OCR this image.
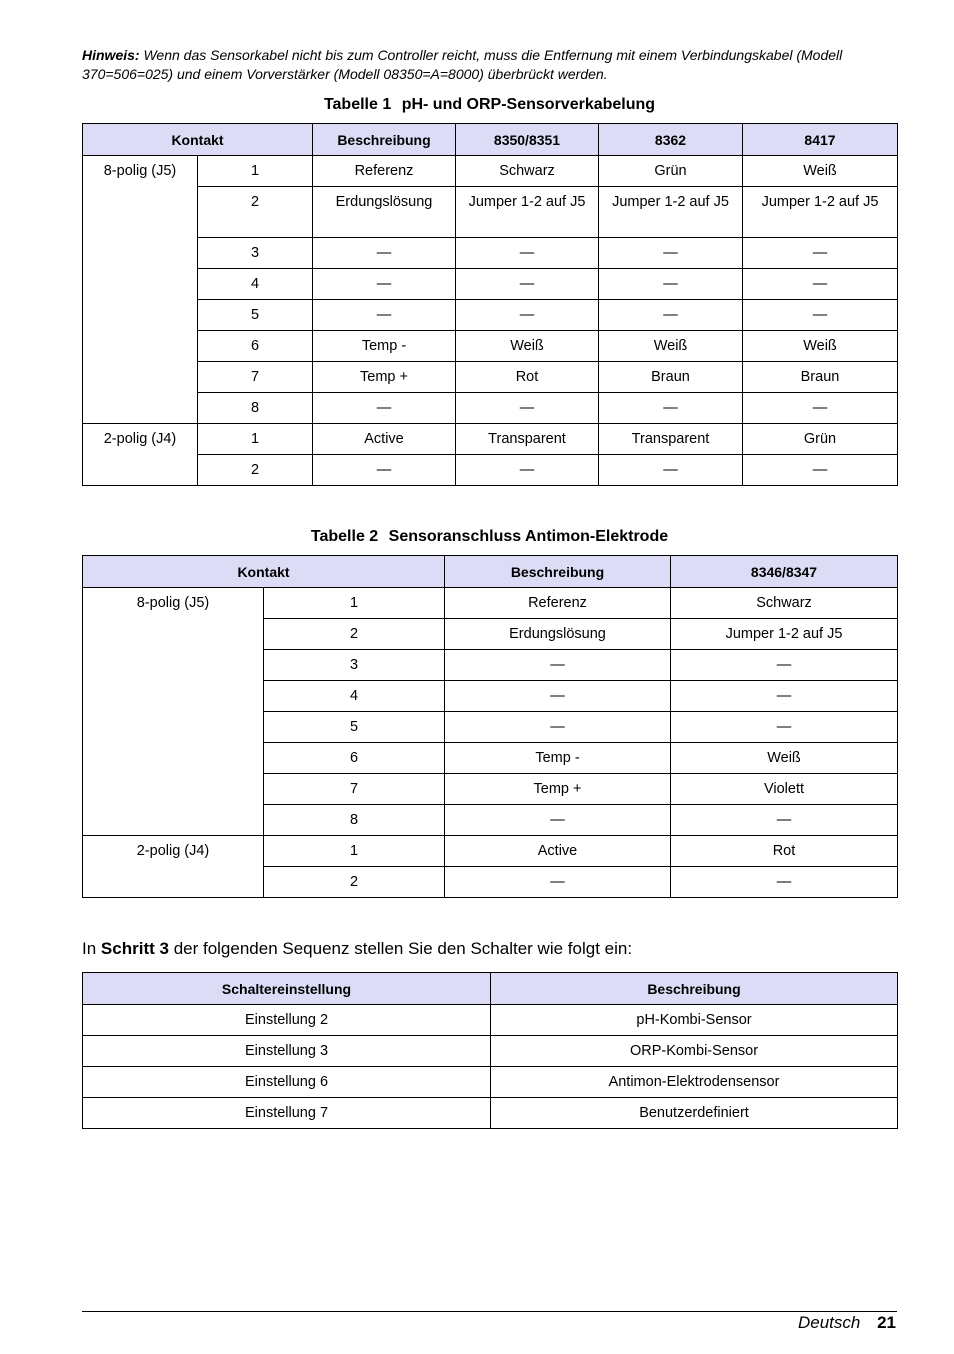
Hinweis: Wenn das Sensorkabel nicht bis zum Controller reicht, muss die Entfernung mit einem Verbindungskabel (Modell 370=506=025) und einem Vorverstärker (Modell 08350=A=8000) überbrückt werden.
Tabelle 1 pH- und ORP-Sensorverkabelung
Kontakt		Beschreibung	8350/8351	8362	8417
8-polig (J5)	1	Referenz	Schwarz	Grün	Weiß
	2	Erdungslösung	Jumper 1-2 auf J5	Jumper 1-2 auf J5	Jumper 1-2 auf J5
	3	—	—	—	—
	4	—	—	—	—
	5	—	—	—	—
	6	Temp -	Weiß	Weiß	Weiß
	7	Temp +	Rot	Braun	Braun
	8	—	—	—	—
2-polig (J4)	1	Active	Transparent	Transparent	Grün
	2	—	—	—	—
Tabelle 2 Sensoranschluss Antimon-Elektrode
Kontakt		Beschreibung	8346/8347
8-polig (J5)	1	Referenz	Schwarz
	2	Erdungslösung	Jumper 1-2 auf J5
	3	—	—
	4	—	—
	5	—	—
	6	Temp -	Weiß
	7	Temp +	Violett
	8	—	—
2-polig (J4)	1	Active	Rot
	2	—	—
In Schritt 3 der folgenden Sequenz stellen Sie den Schalter wie folgt ein:
Schaltereinstellung	Beschreibung
Einstellung 2	pH-Kombi-Sensor
Einstellung 3	ORP-Kombi-Sensor
Einstellung 6	Antimon-Elektrodensensor
Einstellung 7	Benutzerdefiniert
Deutsch 21
